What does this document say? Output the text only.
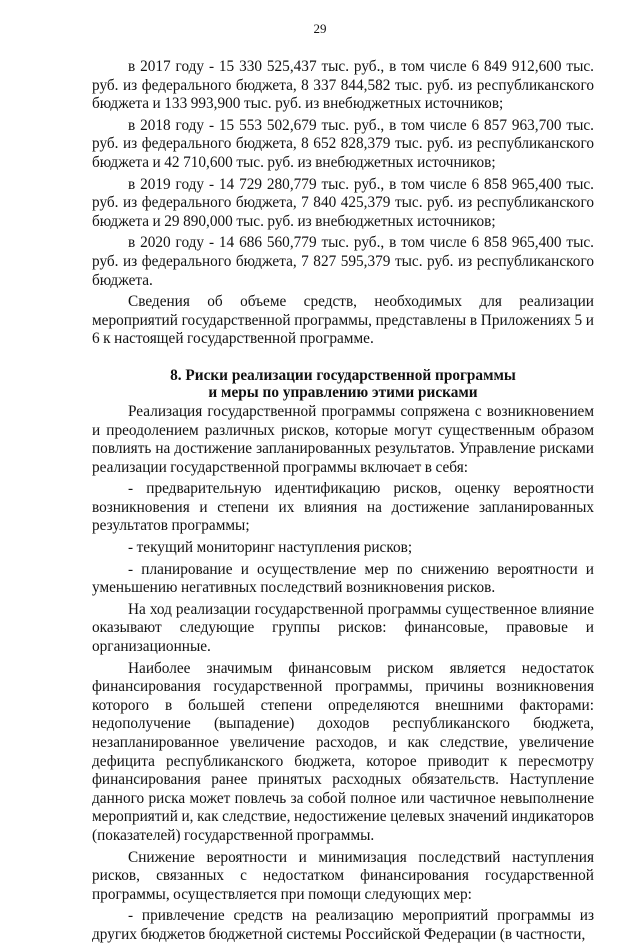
29

в 2017 году - 15 330 525,437 тыс. руб., в том числе 6 849 912,600 тыс. руб. из федерального бюджета, 8 337 844,582 тыс. руб. из республиканского бюджета и 133 993,900 тыс. руб. из внебюджетных источников;

в 2018 году - 15 553 502,679 тыс. руб., в том числе 6 857 963,700 тыс. руб. из федерального бюджета, 8 652 828,379 тыс. руб. из республиканского бюджета и 42 710,600 тыс. руб. из внебюджетных источников;

в 2019 году - 14 729 280,779 тыс. руб., в том числе 6 858 965,400 тыс. руб. из федерального бюджета, 7 840 425,379 тыс. руб. из республиканского бюджета и 29 890,000 тыс. руб. из внебюджетных источников;

в 2020 году - 14 686 560,779 тыс. руб., в том числе 6 858 965,400 тыс. руб. из федерального бюджета, 7 827 595,379 тыс. руб. из республиканского бюджета.

Сведения об объеме средств, необходимых для реализации мероприятий государственной программы, представлены в Приложениях 5 и 6 к настоящей государственной программе.

8. Риски реализации государственной программы
и меры по управлению этими рисками

Реализация государственной программы сопряжена с возникновением и преодолением различных рисков, которые могут существенным образом повлиять на достижение запланированных результатов. Управление рисками реализации государственной программы включает в себя:

- предварительную идентификацию рисков, оценку вероятности возникновения и степени их влияния на достижение запланированных результатов программы;

- текущий мониторинг наступления рисков;

- планирование и осуществление мер по снижению вероятности и уменьшению негативных последствий возникновения рисков.

На ход реализации государственной программы существенное влияние оказывают следующие группы рисков: финансовые, правовые и организационные.

Наиболее значимым финансовым риском является недостаток финансирования государственной программы, причины возникновения которого в большей степени определяются внешними факторами: недополучение (выпадение) доходов республиканского бюджета, незапланированное увеличение расходов, и как следствие, увеличение дефицита республиканского бюджета, которое приводит к пересмотру финансирования ранее принятых расходных обязательств. Наступление данного риска может повлечь за собой полное или частичное невыполнение мероприятий и, как следствие, недостижение целевых значений индикаторов (показателей) государственной программы.

Снижение вероятности и минимизация последствий наступления рисков, связанных с недостатком финансирования государственной программы, осуществляется при помощи следующих мер:

- привлечение средств на реализацию мероприятий программы из других бюджетов бюджетной системы Российской Федерации (в частности,
